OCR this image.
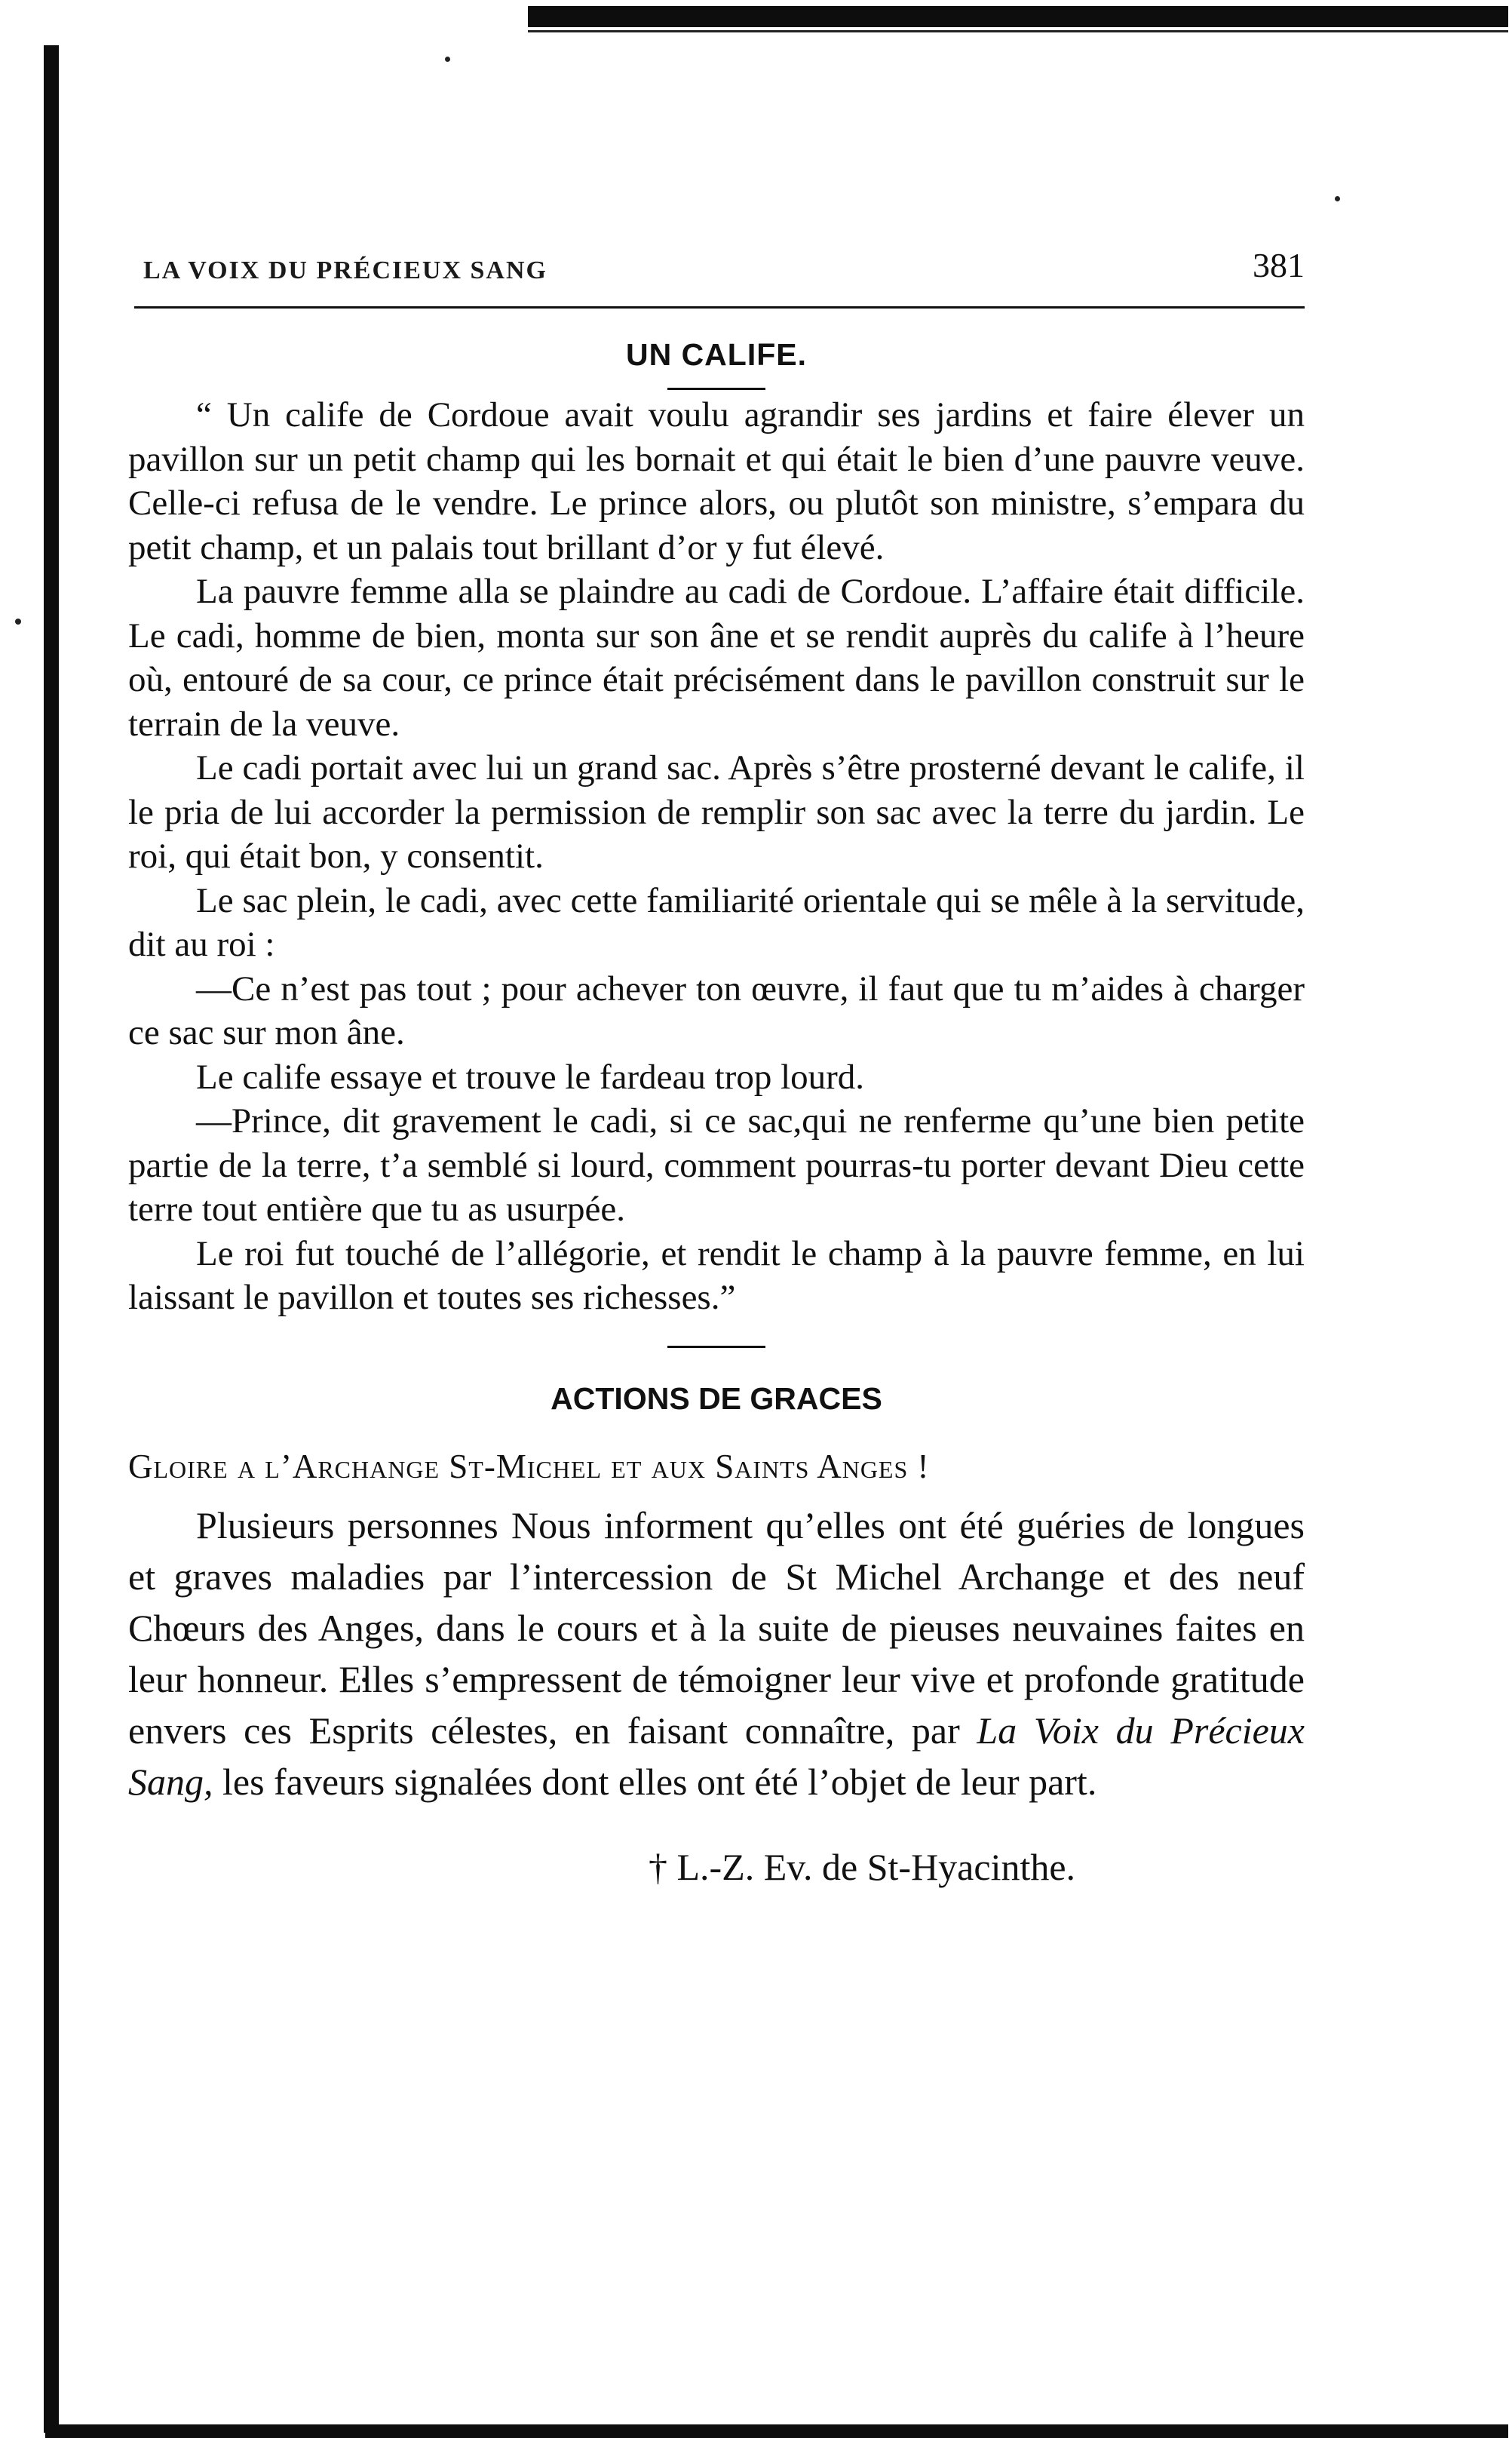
LA VOIX DU PRÉCIEUX SANG	381
UN CALIFE.

“ Un calife de Cordoue avait voulu agrandir ses jardins et faire élever un pavillon sur un petit champ qui les bornait et qui était le bien d’une pauvre veuve. Celle-ci refusa de le vendre. Le prince alors, ou plutôt son ministre, s’empara du petit champ, et un palais tout brillant d’or y fut élevé.

La pauvre femme alla se plaindre au cadi de Cordoue. L’affaire était difficile. Le cadi, homme de bien, monta sur son âne et se rendit auprès du calife à l’heure où, entouré de sa cour, ce prince était précisément dans le pavillon construit sur le terrain de la veuve.

Le cadi portait avec lui un grand sac. Après s’être prosterné devant le calife, il le pria de lui accorder la permission de remplir son sac avec la terre du jardin. Le roi, qui était bon, y consentit.

Le sac plein, le cadi, avec cette familiarité orientale qui se mêle à la servitude, dit au roi :

—Ce n’est pas tout ; pour achever ton œuvre, il faut que tu m’aides à charger ce sac sur mon âne.

Le calife essaye et trouve le fardeau trop lourd.

—Prince, dit gravement le cadi, si ce sac,qui ne renferme qu’une bien petite partie de la terre, t’a semblé si lourd, comment pourras-tu porter devant Dieu cette terre tout entière que tu as usurpée.

Le roi fut touché de l’allégorie, et rendit le champ à la pauvre femme, en lui laissant le pavillon et toutes ses richesses.”

ACTIONS DE GRACES
Gloire a l’Archange St-Michel et aux Saints Anges !

Plusieurs personnes Nous informent qu’elles ont été guéries de longues et graves maladies par l’intercession de St Michel Archange et des neuf Chœurs des Anges, dans le cours et à la suite de pieuses neuvaines faites en leur honneur. Elles s’empressent de témoigner leur vive et profonde gratitude envers ces Esprits célestes, en faisant connaître, par La Voix du Précieux Sang, les faveurs signalées dont elles ont été l’objet de leur part.

† L.-Z. Ev. de St-Hyacinthe.
